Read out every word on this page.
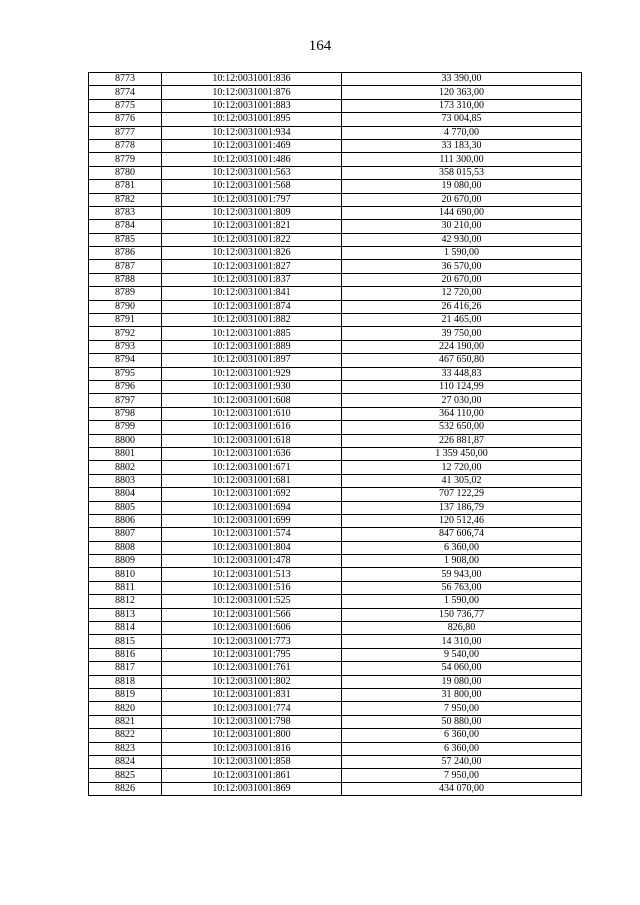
164
8773	10:12:0031001:836	33 390,00
8774	10:12:0031001:876	120 363,00
8775	10:12:0031001:883	173 310,00
8776	10:12:0031001:895	73 004,85
8777	10:12:0031001:934	4 770,00
8778	10:12:0031001:469	33 183,30
8779	10:12:0031001:486	111 300,00
8780	10:12:0031001:563	358 015,53
8781	10:12:0031001:568	19 080,00
8782	10:12:0031001:797	20 670,00
8783	10:12:0031001:809	144 690,00
8784	10:12:0031001:821	30 210,00
8785	10:12:0031001:822	42 930,00
8786	10:12:0031001:826	1 590,00
8787	10:12:0031001:827	36 570,00
8788	10:12:0031001:837	20 670,00
8789	10:12:0031001:841	12 720,00
8790	10:12:0031001:874	26 416,26
8791	10:12:0031001:882	21 465,00
8792	10:12:0031001:885	39 750,00
8793	10:12:0031001:889	224 190,00
8794	10:12:0031001:897	467 650,80
8795	10:12:0031001:929	33 448,83
8796	10:12:0031001:930	110 124,99
8797	10:12:0031001:608	27 030,00
8798	10:12:0031001:610	364 110,00
8799	10:12:0031001:616	532 650,00
8800	10:12:0031001:618	226 881,87
8801	10:12:0031001:636	1 359 450,00
8802	10:12:0031001:671	12 720,00
8803	10:12:0031001:681	41 305,02
8804	10:12:0031001:692	707 122,29
8805	10:12:0031001:694	137 186,79
8806	10:12:0031001:699	120 512,46
8807	10:12:0031001:574	847 606,74
8808	10:12:0031001:804	6 360,00
8809	10:12:0031001:478	1 908,00
8810	10:12:0031001:513	59 943,00
8811	10:12:0031001:516	56 763,00
8812	10:12:0031001:525	1 590,00
8813	10:12:0031001:566	150 736,77
8814	10:12:0031001:606	826,80
8815	10:12:0031001:773	14 310,00
8816	10:12:0031001:795	9 540,00
8817	10:12:0031001:761	54 060,00
8818	10:12:0031001:802	19 080,00
8819	10:12:0031001:831	31 800,00
8820	10:12:0031001:774	7 950,00
8821	10:12:0031001:798	50 880,00
8822	10:12:0031001:800	6 360,00
8823	10:12:0031001:816	6 360,00
8824	10:12:0031001:858	57 240,00
8825	10:12:0031001:861	7 950,00
8826	10:12:0031001:869	434 070,00
